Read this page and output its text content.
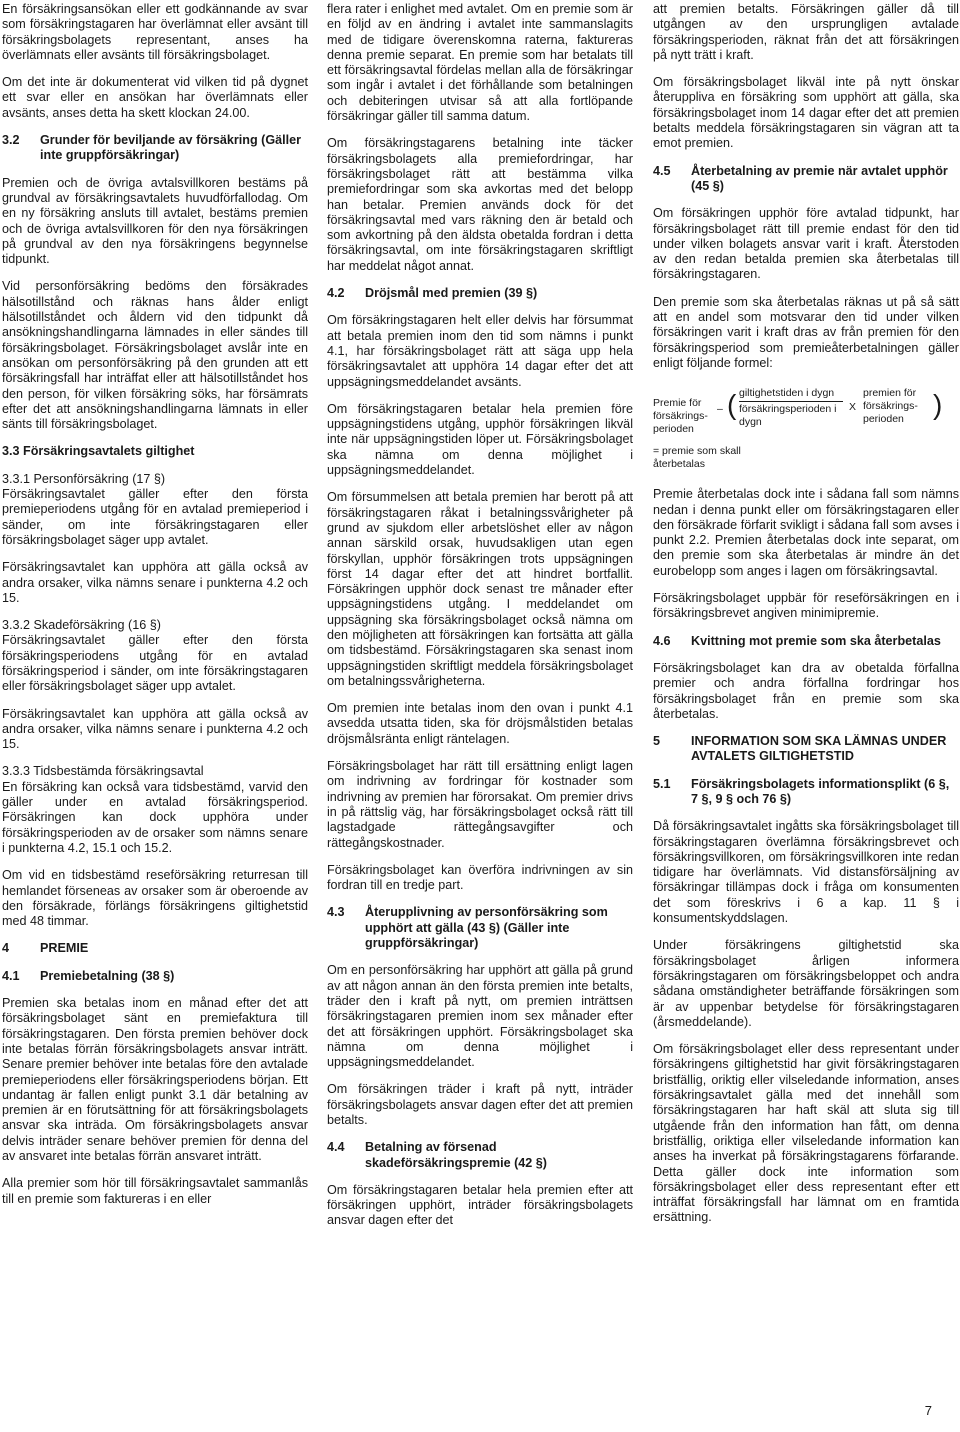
En försäkringsansökan eller ett godkännande av svar som försäkringstagaren har överlämnat eller avsänt till försäkringsbolagets representant, anses ha överlämnats eller avsänts till försäkringsbolaget.

Om det inte är dokumenterat vid vilken tid på dygnet ett svar eller en ansökan har överlämnats eller avsänts, anses detta ha skett klockan 24.00.

3.2	Grunder för beviljande av försäkring (Gäller inte gruppförsäkringar)

Premien och de övriga avtalsvillkoren bestäms på grundval av försäkringsavtalets huvudförfallodag. Om en ny försäkring ansluts till avtalet, bestäms premien och de övriga avtalsvillkoren för den nya försäkringen på grundval av den nya försäkringens begynnelse tidpunkt.

Vid personförsäkring bedöms den försäkrades hälsotillstånd och räknas hans ålder enligt hälsotillståndet och åldern vid den tidpunkt då ansökningshandlingarna lämnades in eller sändes till försäkringsbolaget. Försäkringsbolaget avslår inte en ansökan om personförsäkring på den grunden att ett försäkringsfall har inträffat eller att hälsotillståndet hos den person, för vilken försäkring söks, har försämrats efter det att ansökningshandlingarna lämnats in eller sänts till försäkringsbolaget.

3.3 Försäkringsavtalets giltighet

3.3.1 Personförsäkring (17 §)

Försäkringsavtalet gäller efter den första premieperiodens utgång för en avtalad premieperiod i sänder, om inte försäkringstagaren eller försäkringsbolaget säger upp avtalet.

Försäkringsavtalet kan upphöra att gälla också av andra orsaker, vilka nämns senare i punkterna 4.2 och 15.

3.3.2 Skadeförsäkring (16 §)

Försäkringsavtalet gäller efter den första försäkringsperiodens utgång för en avtalad försäkringsperiod i sänder, om inte försäkringstagaren eller försäkringsbolaget säger upp avtalet.

Försäkringsavtalet kan upphöra att gälla också av andra orsaker, vilka nämns senare i punkterna 4.2 och 15.

3.3.3 Tidsbestämda försäkringsavtal

En försäkring kan också vara tidsbestämd, varvid den gäller under en avtalad försäkringsperiod. Försäkringen kan dock upphöra under försäkringsperioden av de orsaker som nämns senare i punkterna 4.2, 15.1 och 15.2.

Om vid en tidsbestämd reseförsäkring returresan till hemlandet förseneas av orsaker som är oberoende av den försäkrade, förlängs försäkringens giltighetstid med 48 timmar.

4	PREMIE
4.1	Premiebetalning (38 §)

Premien ska betalas inom en månad efter det att försäkringsbolaget sänt en premiefaktura till försäkringstagaren. Den första premien behöver dock inte betalas förrän försäkringsbolagets ansvar inträtt. Senare premier behöver inte betalas före den avtalade premieperiodens eller försäkringsperiodens början. Ett undantag är fallen enligt punkt 3.1 där betalning av premien är en förutsättning för att försäkringsbolagets ansvar ska inträda. Om försäkringsbolagets ansvar delvis inträder senare behöver premien för denna del av ansvaret inte betalas förrän ansvaret inträtt.

Alla premier som hör till försäkringsavtalet sammanlås till en premie som faktureras i en eller

flera rater i enlighet med avtalet. Om en premie som är en följd av en ändring i avtalet inte sammanslagits med de tidigare överenskomna raterna, faktureras denna premie separat. En premie som har betalats till ett försäkringsavtal fördelas mellan alla de försäkringar som ingår i avtalet i det förhållande som betalningen och debiteringen utvisar så att alla fortlöpande försäkringar gäller till samma datum.

Om försäkringstagarens betalning inte täcker försäkringsbolagets alla premiefordringar, har försäkringsbolaget rätt att bestämma vilka premiefordringar som ska avkortas med det belopp han betalar. Premien används dock för det försäkringsavtal med vars räkning den är betald och som avkortning på den äldsta obetalda fordran i detta försäkringsavtal, om inte försäkringstagaren skriftligt har meddelat något annat.

4.2	Dröjsmål med premien (39 §)

Om försäkringstagaren helt eller delvis har försummat att betala premien inom den tid som nämns i punkt 4.1, har försäkringsbolaget rätt att säga upp hela försäkringsavtalet att upphöra 14 dagar efter det att uppsägningsmeddelandet avsänts.

Om försäkringstagaren betalar hela premien före uppsägningstidens utgång, upphör försäkringen likväl inte när uppsägningstiden löper ut. Försäkringsbolaget ska nämna om denna möjlighet i uppsägningsmeddelandet.

Om försummelsen att betala premien har berott på att försäkringstagaren råkat i betalningssvårigheter på grund av sjukdom eller arbetslöshet eller av någon annan särskild orsak, huvudsakligen utan egen förskyllan, upphör försäkringen trots uppsägningen först 14 dagar efter det att hindret bortfallit. Försäkringen upphör dock senast tre månader efter uppsägningstidens utgång. I meddelandet om uppsägning ska försäkringsbolaget också nämna om den möjligheten att försäkringen kan fortsätta att gälla om tidsbestämd. Försäkringstagaren ska senast inom uppsägningstiden skriftligt meddela försäkringsbolaget om betalningssvårigheterna.

Om premien inte betalas inom den ovan i punkt 4.1 avsedda utsatta tiden, ska för dröjsmålstiden betalas dröjsmålsränta enligt räntelagen.

Försäkringsbolaget har rätt till ersättning enligt lagen om indrivning av fordringar för kostnader som indrivning av premien har förorsakat. Om premier drivs in på rättslig väg, har försäkringsbolaget också rätt till lagstadgade rättegångsavgifter och rättegångskostnader.

Försäkringsbolaget kan överföra indrivningen av sin fordran till en tredje part.

4.3	Återupplivning av personförsäkring som upphört att gälla (43 §) (Gäller inte gruppförsäkringar)

Om en personförsäkring har upphört att gälla på grund av att någon annan än den första premien inte betalts, träder den i kraft på nytt, om premien inträttsen försäkringstagaren premien inom sex månader efter det att försäkringen upphört. Försäkringsbolaget ska nämna om denna möjlighet i uppsägningsmeddelandet.

Om försäkringen träder i kraft på nytt, inträder försäkringsbolagets ansvar dagen efter det att premien betalts.

4.4	Betalning av försenad skadeförsäkringspremie (42 §)

Om försäkringstagaren betalar hela premien efter att försäkringen upphört, inträder försäkringsbolagets ansvar dagen efter det

att premien betalts. Försäkringen gäller då till utgången av den ursprungligen avtalade försäkringsperioden, räknat från det att försäkringen på nytt trätt i kraft.

Om försäkringsbolaget likväl inte på nytt önskar återuppliva en försäkring som upphört att gälla, ska försäkringsbolaget inom 14 dagar efter det att premien betalts meddela försäkringstagaren sin vägran att ta emot premien.

4.5	Återbetalning av premie när avtalet upphör (45 §)

Om försäkringen upphör före avtalad tidpunkt, har försäkringsbolaget rätt till premie endast för den tid under vilken bolagets ansvar varit i kraft. Återstoden av den redan betalda premien ska återbetalas till försäkringstagaren.

Den premie som ska återbetalas räknas ut på så sätt att en andel som motsvarar den tid under vilken försäkringen varit i kraft dras av från premien för den försäkringsperiod som premieåterbetalningen gäller enligt följande formel:

Premie för försäkrings-perioden
– ( giltighetstiden i dygn
försäkringsperioden i dygn
X
premien för försäkrings-perioden	)
= premie som skall återbetalas

Premie återbetalas dock inte i sådana fall som nämns nedan i denna punkt eller om försäkringstagaren eller den försäkrade förfarit svikligt i sådana fall som avses i punkt 2.2. Premien återbetalas dock inte separat, om den premie som ska återbetalas är mindre än det eurobelopp som anges i lagen om försäkringsavtal.

Försäkringsbolaget uppbär för reseförsäkringen en i försäkringsbrevet angiven minimipremie.

4.6	Kvittning mot premie som ska återbetalas

Försäkringsbolaget kan dra av obetalda förfallna premier och andra förfallna fordringar hos försäkringsbolaget från en premie som ska återbetalas.

5	INFORMATION SOM SKA LÄMNAS UNDER AVTALETS GILTIGHETSTID
5.1	Försäkringsbolagets informationsplikt (6 §, 7 §, 9 § och 76 §)

Då försäkringsavtalet ingåtts ska försäkringsbolaget till försäkringstagaren överlämna försäkringsbrevet och försäkringsvillkoren, om försäkringsvillkoren inte redan tidigare har överlämnats. Vid distansförsäljning av försäkringar tillämpas dock i fråga om konsumenten det som föreskrivs i 6 a kap. 11 § i konsumentskyddslagen.

Under försäkringens giltighetstid ska försäkringsbolaget årligen informera försäkringstagaren om försäkringsbeloppet och andra sådana omständigheter beträffande försäkringen som är av uppenbar betydelse för försäkringstagaren (årsmeddelande).

Om försäkringsbolaget eller dess representant under försäkringens giltighetstid har givit försäkringstagaren bristfällig, oriktig eller vilseledande information, anses försäkringsavtalet gälla med det innehåll som försäkringstagaren har haft skäl att sluta sig till utgående från den information han fått, om denna bristfällig, oriktiga eller vilseledande information kan anses ha inverkat på försäkringstagarens förfarande. Detta gäller dock inte information som försäkringsbolaget eller dess representant efter ett inträffat försäkringsfall har lämnat om en framtida ersättning.

7
